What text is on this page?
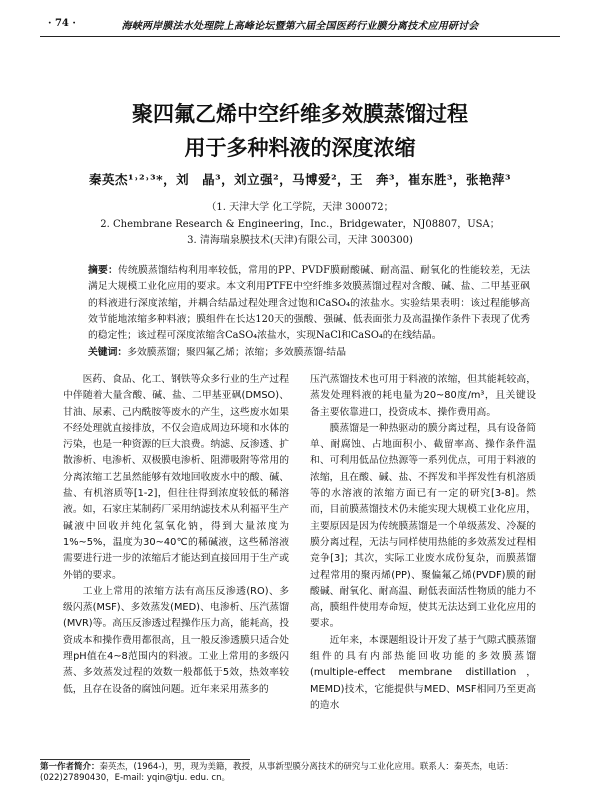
· 74 ·	海峡两岸膜法水处理院上高峰论坛暨第六届全国医药行业膜分离技术应用研讨会
聚四氟乙烯中空纤维多效膜蒸馏过程
用于多种料液的深度浓缩
秦英杰¹˒²˒³*，刘　晶³，刘立强²，马博爱²，王　奔³，崔东胜³，张艳萍³
（1. 天津大学 化工学院，天津 300072；
2. Chembrane Research & Engineering，Inc.，Bridgewater，NJ08807，USA；
3. 清海瑞泉膜技术(天津)有限公司，天津 300300)
摘要：传统膜蒸馏结构利用率较低，常用的PP、PVDF膜耐酸碱、耐高温、耐氧化的性能较差，无法满足大规模工业化应用的要求。本文利用PTFE中空纤维多效膜蒸馏过程对含酸、碱、盐、二甲基亚砜的料液进行深度浓缩，并耦合结晶过程处理含过饱和CaSO₄的浓盐水。实验结果表明：该过程能够高效节能地浓缩多种料液；膜组件在长达120天的强酸、强碱、低表面张力及高温操作条件下表现了优秀的稳定性；该过程可深度浓缩含CaSO₄浓盐水，实现NaCl和CaSO₄的在线结晶。
关键词：多效膜蒸馏；聚四氟乙烯；浓缩；多效膜蒸馏-结晶

医药、食品、化工、钢铁等众多行业的生产过程中伴随着大量含酸、碱、盐、二甲基亚砜(DMSO)、甘油、尿素、己内酰胺等废水的产生，这些废水如果不经处理就直接排放，不仅会造成周边环境和水体的污染，也是一种资源的巨大浪费。纳滤、反渗透、扩散渗析、电渗析、双极膜电渗析、阻滞吸附等常用的分离浓缩工艺虽然能够有效地回收废水中的酸、碱、盐、有机溶质等[1-2]，但往往得到浓度较低的稀溶液。如，石家庄某制药厂采用纳滤技术从利福平生产碱液中回收并纯化氢氧化钠，得到大量浓度为1%~5%，温度为30~40℃的稀碱液，这些稀溶液需要进行进一步的浓缩后才能达到直接回用于生产或外销的要求。

工业上常用的浓缩方法有高压反渗透(RO)、多级闪蒸(MSF)、多效蒸发(MED)、电渗析、压汽蒸馏(MVR)等。高压反渗透过程操作压力高，能耗高，投资成本和操作费用都很高，且一般反渗透膜只适合处理pH值在4~8范围内的料液。工业上常用的多级闪蒸、多效蒸发过程的效数一般都低于5效，热效率较低，且存在设备的腐蚀问题。近年来采用蒸多的

压汽蒸馏技术也可用于料液的浓缩，但其能耗较高，蒸发处理料液的耗电量为20~80度/m³，且关键设备主要依靠进口，投资成本、操作费用高。

膜蒸馏是一种热驱动的膜分离过程，具有设备简单、耐腐蚀、占地面积小、截留率高、操作条件温和、可利用低品位热源等一系列优点，可用于料液的浓缩，且在酸、碱、盐、不挥发和半挥发性有机溶质等的水溶液的浓缩方面已有一定的研究[3-8]。然而，目前膜蒸馏技术仍未能实现大规模工业化应用，主要原因是因为传统膜蒸馏是一个单级蒸发、冷凝的膜分离过程，无法与同样使用热能的多效蒸发过程相竞争[3]；其次，实际工业废水成份复杂，而膜蒸馏过程常用的聚丙烯(PP)、聚偏氟乙烯(PVDF)膜的耐酸碱、耐氧化、耐高温、耐低表面活性物质的能力不高，膜组件使用寿命短，使其无法达到工业化应用的要求。

近年来，本课题组设计开发了基于气隙式膜蒸馏组件的具有内部热能回收功能的多效膜蒸馏(multiple-effect membrane distillation，MEMD)技术，它能提供与MED、MSF相同乃至更高的造水

第一作者简介：秦英杰，(1964-)，男，现为美籍，教授，从事新型膜分离技术的研究与工业化应用。联系人：秦英杰，电话：(022)27890430，E-mail: yqin@tju. edu. cn。
